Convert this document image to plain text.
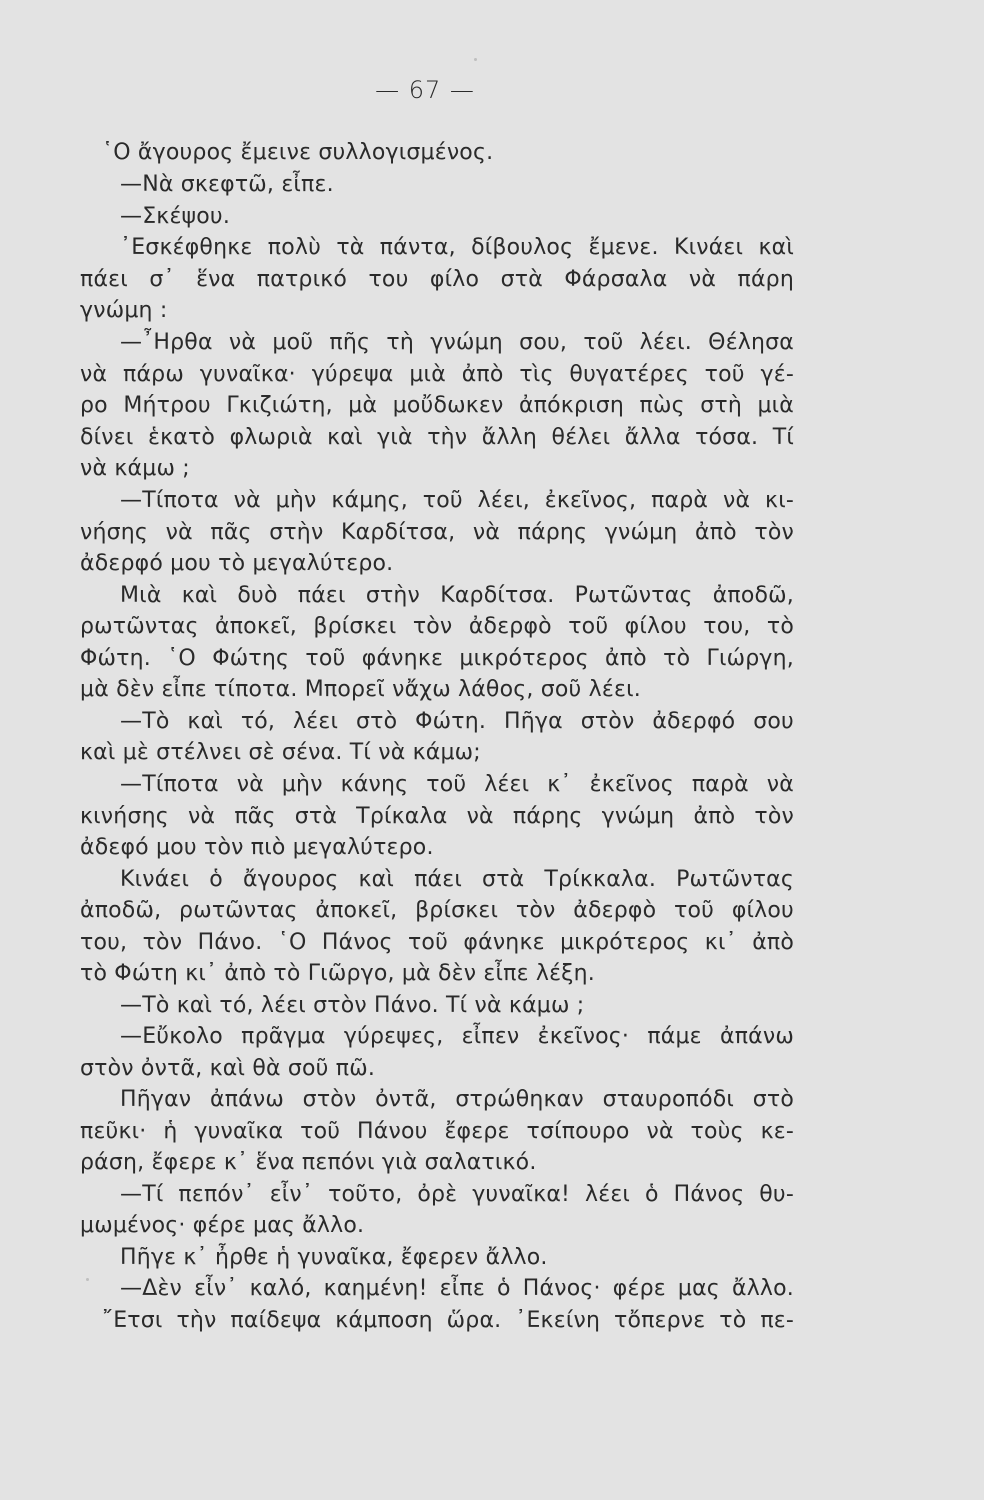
— 67 —
῾Ο ἄγουρος ἔμεινε συλλογισμένος.
—Νὰ σκεφτῶ, εἶπε.
—Σκέψου.
᾿Εσκέφθηκε πολὺ τὰ πάντα, δίβουλος ἔμενε. Κινάει καὶ
πάει σ᾿ ἕνα πατρικό του φίλο στὰ Φάρσαλα νὰ πάρη
γνώμη :
—῏Ηρθα νὰ μοῦ πῆς τὴ γνώμη σου, τοῦ λέει. Θέλησα
νὰ πάρω γυναῖκα· γύρεψα μιὰ ἀπὸ τὶς θυγατέρες τοῦ γέ-
ρο Μήτρου Γκιζιώτη, μὰ μοὔδωκεν ἀπόκριση πὼς στὴ μιὰ
δίνει ἑκατὸ φλωριὰ καὶ γιὰ τὴν ἄλλη θέλει ἄλλα τόσα. Τί
νὰ κάμω ;
—Τίποτα νὰ μὴν κάμης, τοῦ λέει, ἐκεῖνος, παρὰ νὰ κι-
νήσης νὰ πᾶς στὴν Καρδίτσα, νὰ πάρης γνώμη ἀπὸ τὸν
ἀδερφό μου τὸ μεγαλύτερο.
Μιὰ καὶ δυὸ πάει στὴν Καρδίτσα. Ρωτῶντας ἀποδῶ,
ρωτῶντας ἀποκεῖ, βρίσκει τὸν ἀδερφὸ τοῦ φίλου του, τὸ
Φώτη. ῾Ο Φώτης τοῦ φάνηκε μικρότερος ἀπὸ τὸ Γιώργη,
μὰ δὲν εἶπε τίποτα. Μπορεῖ νἄχω λάθος, σοῦ λέει.
—Τὸ καὶ τό, λέει στὸ Φώτη. Πῆγα στὸν ἀδερφό σου
καὶ μὲ στέλνει σὲ σένα. Τί νὰ κάμω;
—Τίποτα νὰ μὴν κάνης τοῦ λέει κ᾿ ἐκεῖνος παρὰ νὰ
κινήσης νὰ πᾶς στὰ Τρίκαλα νὰ πάρης γνώμη ἀπὸ τὸν
ἀδεφό μου τὸν πιὸ μεγαλύτερο.
Κινάει ὁ ἄγουρος καὶ πάει στὰ Τρίκκαλα. Ρωτῶντας
ἀποδῶ, ρωτῶντας ἀποκεῖ, βρίσκει τὸν ἀδερφὸ τοῦ φίλου
του, τὸν Πάνο. ῾Ο Πάνος τοῦ φάνηκε μικρότερος κι᾿ ἀπὸ
τὸ Φώτη κι᾿ ἀπὸ τὸ Γιῶργο, μὰ δὲν εἶπε λέξη.
—Τὸ καὶ τό, λέει στὸν Πάνο. Τί νὰ κάμω ;
—Εὔκολο πρᾶγμα γύρεψες, εἶπεν ἐκεῖνος· πάμε ἀπάνω
στὸν ὀντᾶ, καὶ θὰ σοῦ πῶ.
Πῆγαν ἀπάνω στὸν ὀντᾶ, στρώθηκαν σταυροπόδι στὸ
πεῦκι· ἡ γυναῖκα τοῦ Πάνου ἔφερε τσίπουρο νὰ τοὺς κε-
ράση, ἔφερε κ᾿ ἕνα πεπόνι γιὰ σαλατικό.
—Τί πεπόν᾿ εἶν᾿ τοῦτο, ὀρὲ γυναῖκα! λέει ὁ Πάνος θυ-
μωμένος· φέρε μας ἄλλο.
Πῆγε κ᾿ ἦρθε ἡ γυναῖκα, ἔφερεν ἄλλο.
—Δὲν εἶν᾿ καλό, καημένη! εἶπε ὁ Πάνος· φέρε μας ἄλλο.
῎Ετσι τὴν παίδεψα κάμποση ὥρα. ᾿Εκείνη τὄπερνε τὸ πε-
